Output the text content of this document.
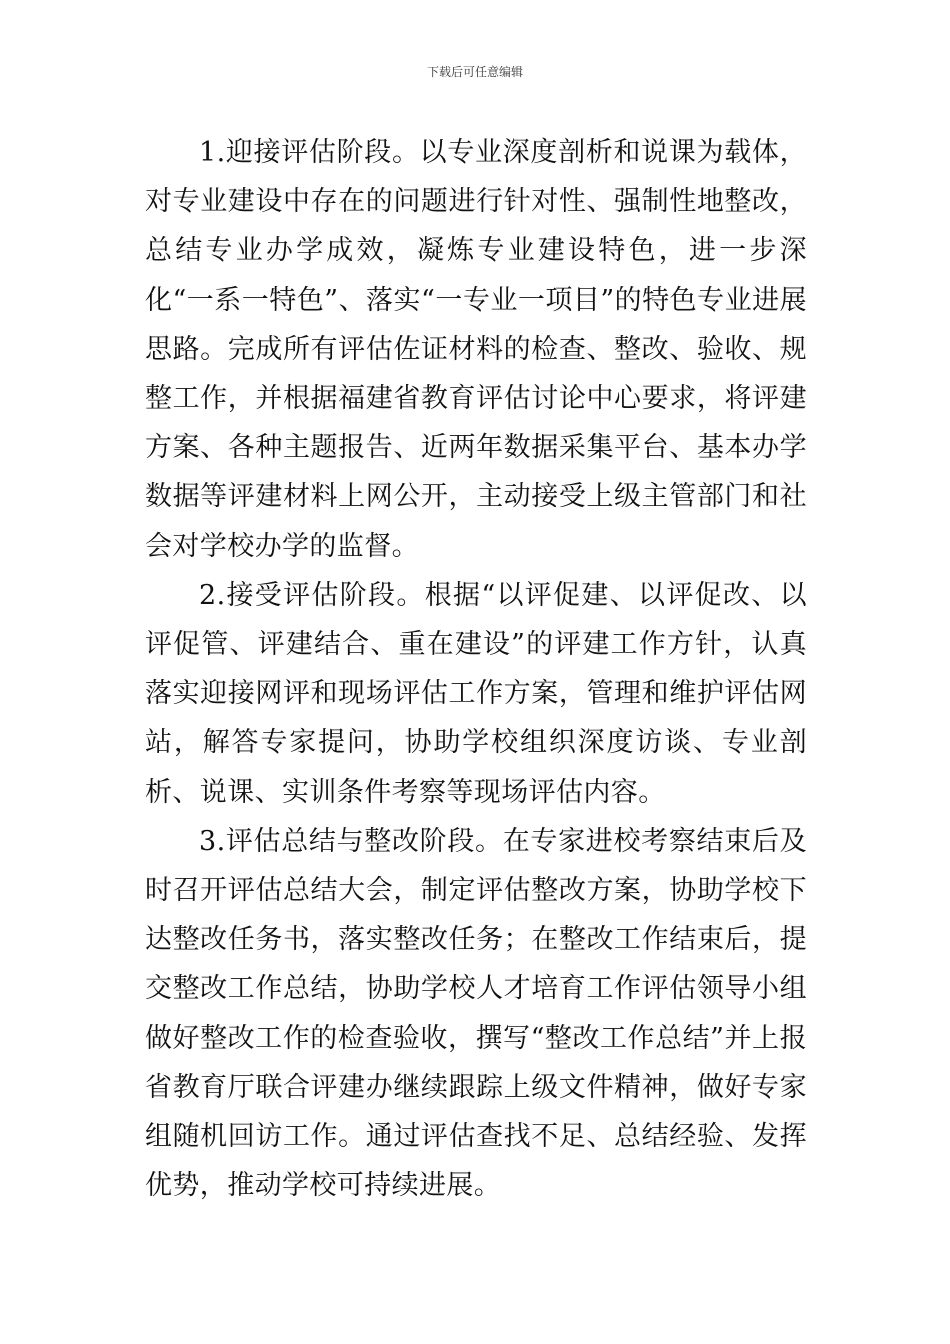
下载后可任意编辑

1.迎接评估阶段。以专业深度剖析和说课为载体，对专业建设中存在的问题进行针对性、强制性地整改，总结专业办学成效，凝炼专业建设特色，进一步深化“一系一特色”、落实“一专业一项目”的特色专业进展思路。完成所有评估佐证材料的检查、整改、验收、规整工作，并根据福建省教育评估讨论中心要求，将评建方案、各种主题报告、近两年数据采集平台、基本办学数据等评建材料上网公开，主动接受上级主管部门和社会对学校办学的监督。

2.接受评估阶段。根据“以评促建、以评促改、以评促管、评建结合、重在建设”的评建工作方针，认真落实迎接网评和现场评估工作方案，管理和维护评估网站，解答专家提问，协助学校组织深度访谈、专业剖析、说课、实训条件考察等现场评估内容。

3.评估总结与整改阶段。在专家进校考察结束后及时召开评估总结大会，制定评估整改方案，协助学校下达整改任务书，落实整改任务；在整改工作结束后，提交整改工作总结，协助学校人才培育工作评估领导小组做好整改工作的检查验收，撰写“整改工作总结”并上报省教育厅联合评建办继续跟踪上级文件精神，做好专家组随机回访工作。通过评估查找不足、总结经验、发挥优势，推动学校可持续进展。
